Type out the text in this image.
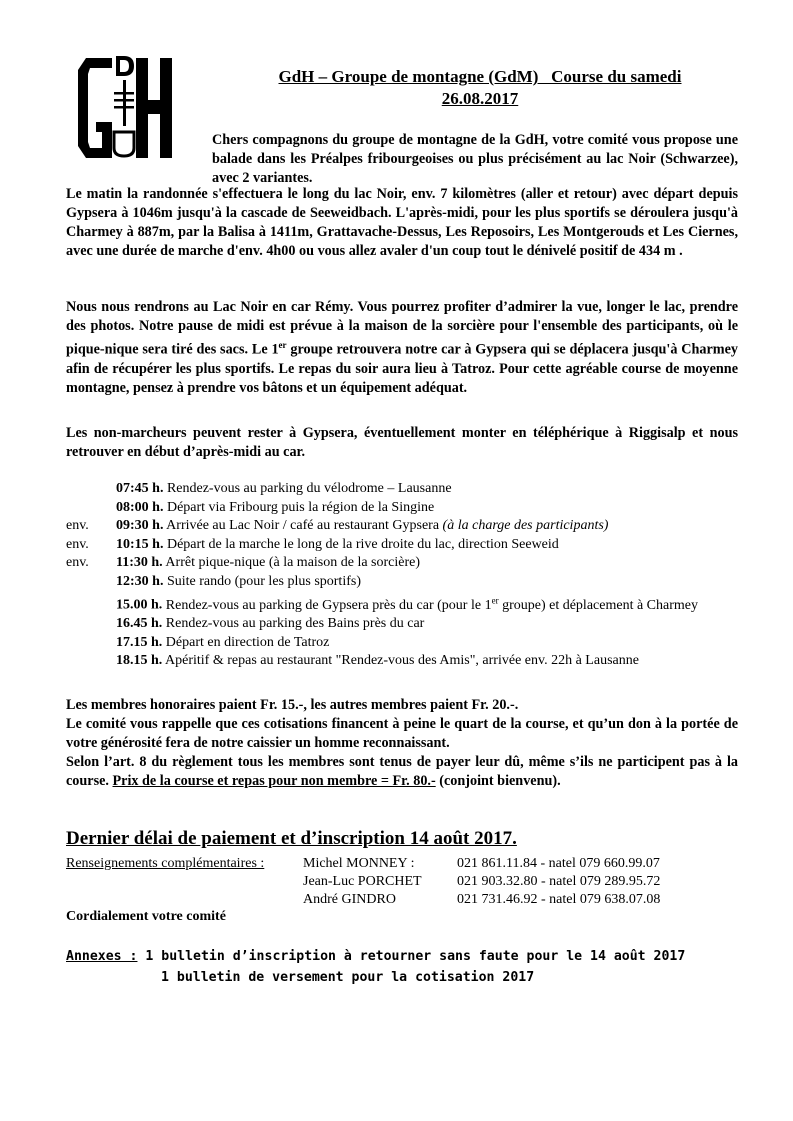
GdH – Groupe de montagne (GdM)   Course du samedi
26.08.2017

Chers compagnons du groupe de montagne de la GdH, votre comité vous propose une balade dans les Préalpes fribourgeoises ou plus précisément au lac Noir (Schwarzee), avec 2 variantes.

Le matin la randonnée s'effectuera le long du lac Noir, env. 7 kilomètres (aller et retour) avec départ depuis Gypsera à 1046m jusqu'à la cascade de Seeweidbach. L'après-midi, pour les plus sportifs se déroulera jusqu'à Charmey à 887m, par la Balisa à 1411m, Grattavache-Dessus, Les Reposoirs, Les Montgerouds et Les Ciernes, avec une durée de marche d'env. 4h00 ou vous allez avaler d'un coup tout le dénivelé positif de 434 m .

Nous nous rendrons au Lac Noir en car Rémy. Vous pourrez profiter d’admirer la vue, longer le lac, prendre des photos. Notre pause de midi est prévue à la maison de la sorcière pour l'ensemble des participants, où le pique-nique sera tiré des sacs. Le 1er groupe retrouvera notre car à Gypsera qui se déplacera jusqu'à Charmey afin de récupérer les plus sportifs. Le repas du soir aura lieu à Tatroz. Pour cette agréable course de moyenne montagne, pensez à prendre vos bâtons et un équipement adéquat.

Les non-marcheurs peuvent rester à Gypsera, éventuellement monter en téléphérique à Riggisalp et nous retrouver en début d’après-midi au car.

07:45 h. Rendez-vous au parking du vélodrome – Lausanne
08:00 h. Départ via Fribourg puis la région de la Singine
env.	09:30 h. Arrivée au Lac Noir / café au restaurant Gypsera (à la charge des participants)
env.	10:15 h. Départ de la marche le long de la rive droite du lac, direction Seeweid
env.	11:30 h. Arrêt pique-nique (à la maison de la sorcière)
12:30 h. Suite rando (pour les plus sportifs)
15.00 h. Rendez-vous au parking de Gypsera près du car (pour le 1er groupe) et déplacement à Charmey
16.45 h. Rendez-vous au parking des Bains près du car
17.15 h. Départ en direction de Tatroz
18.15 h. Apéritif & repas au restaurant "Rendez-vous des Amis", arrivée env. 22h à Lausanne
Les membres honoraires paient Fr. 15.-, les autres membres paient Fr. 20.-.
Le comité vous rappelle que ces cotisations financent à peine le quart de la course, et qu’un don à la portée de votre générosité fera de notre caissier un homme reconnaissant.
Selon l’art. 8 du règlement tous les membres sont tenus de payer leur dû, même s’ils ne participent pas à la course. Prix de la course et repas pour non membre = Fr. 80.- (conjoint bienvenu).
Dernier délai de paiement et d’inscription 14 août 2017.
Renseignements complémentaires :	Michel MONNEY :	021 861.11.84 - natel 079 660.99.07
Jean-Luc PORCHET	021 903.32.80 - natel 079 289.95.72
André GINDRO	021 731.46.92 - natel 079 638.07.08
Cordialement votre comité
Annexes : 1 bulletin d’inscription à retourner sans faute pour le 14 août 2017
1 bulletin de versement pour la cotisation 2017
